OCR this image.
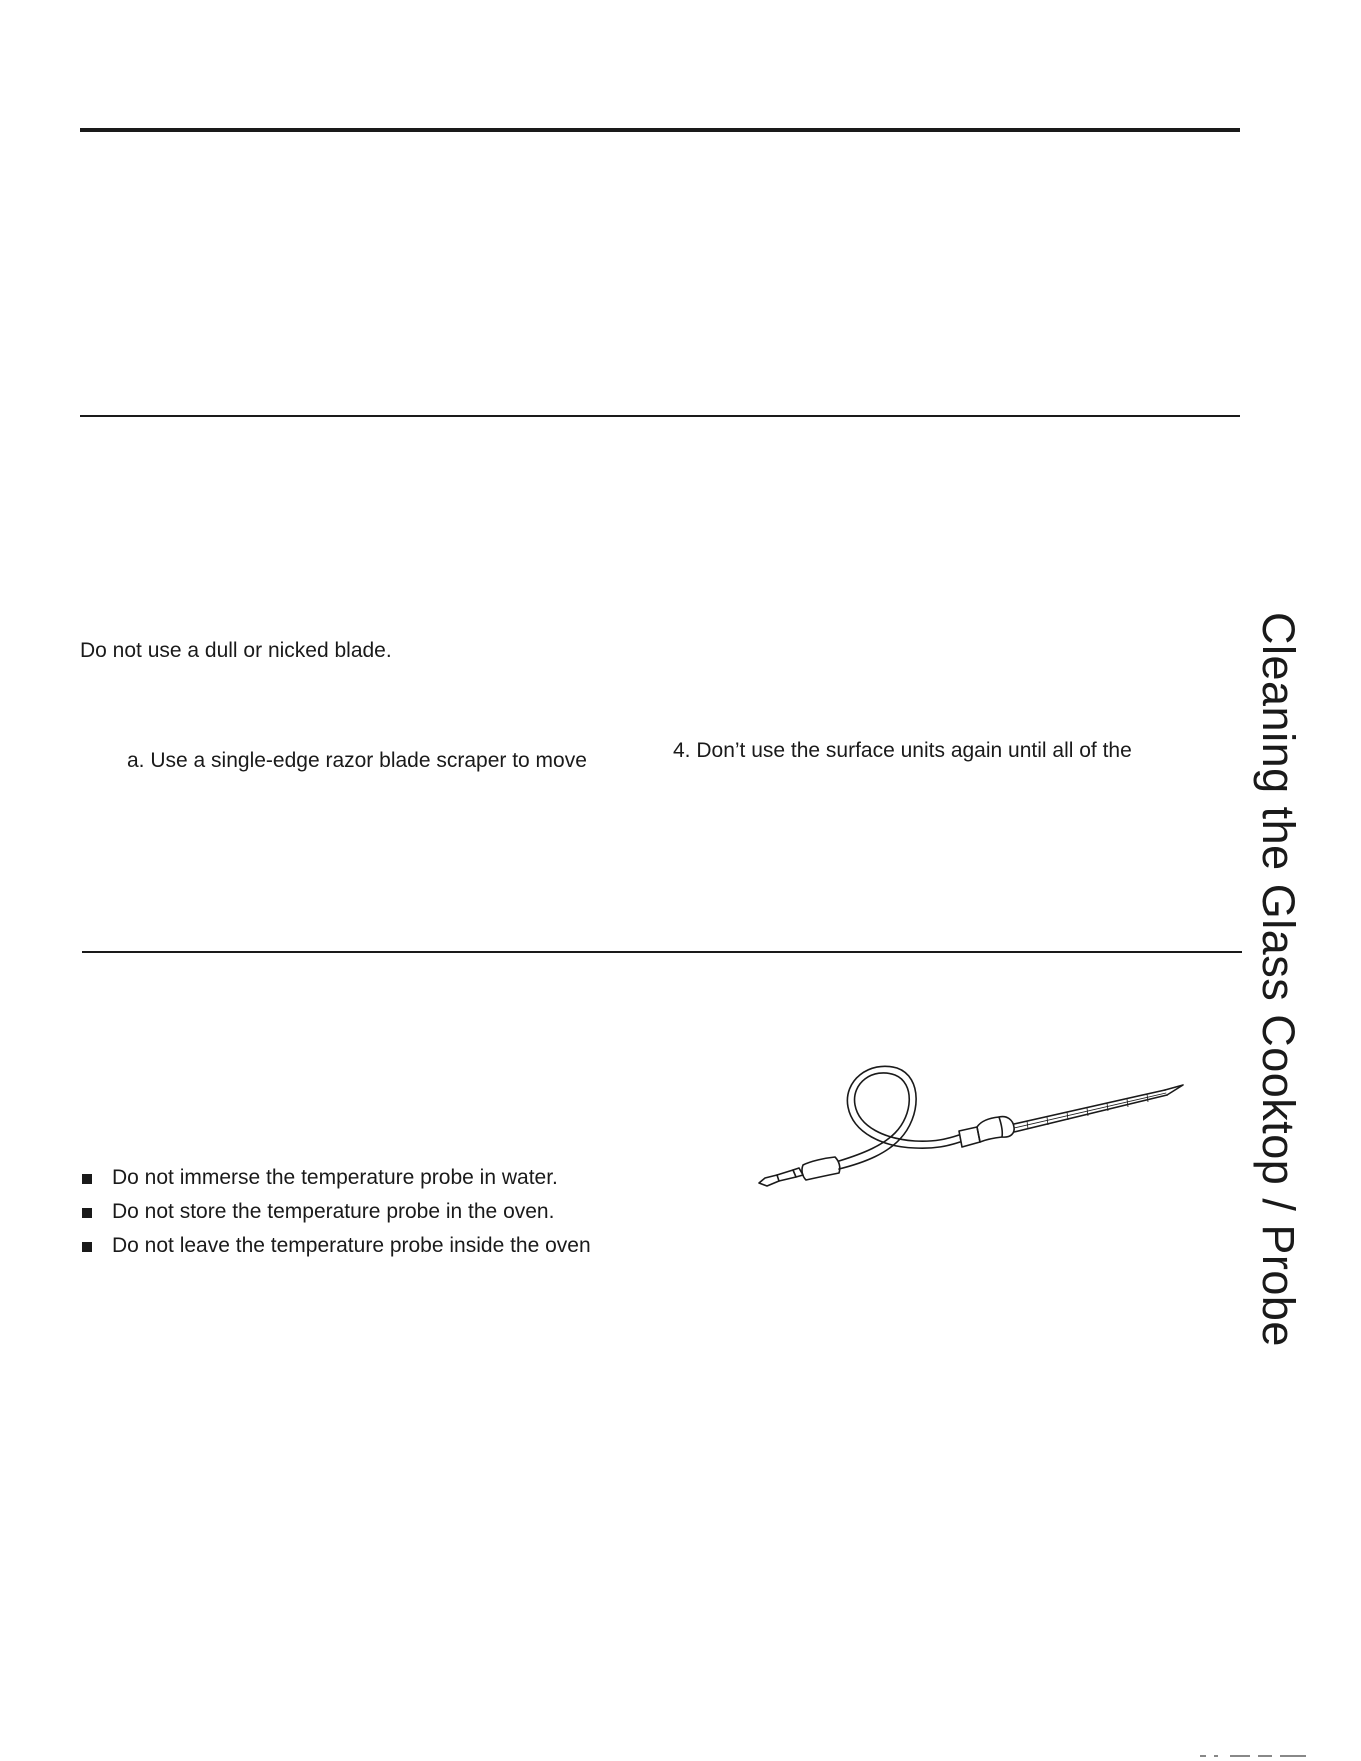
Do not use a dull or nicked blade.
a. Use a single-edge razor blade scraper to move	4. Don’t use the surface units again until all of the
Do not immerse the temperature probe in water.
Do not store the temperature probe in the oven.
Do not leave the temperature probe inside the oven	Cleaning the Glass Cooktop / Probe
